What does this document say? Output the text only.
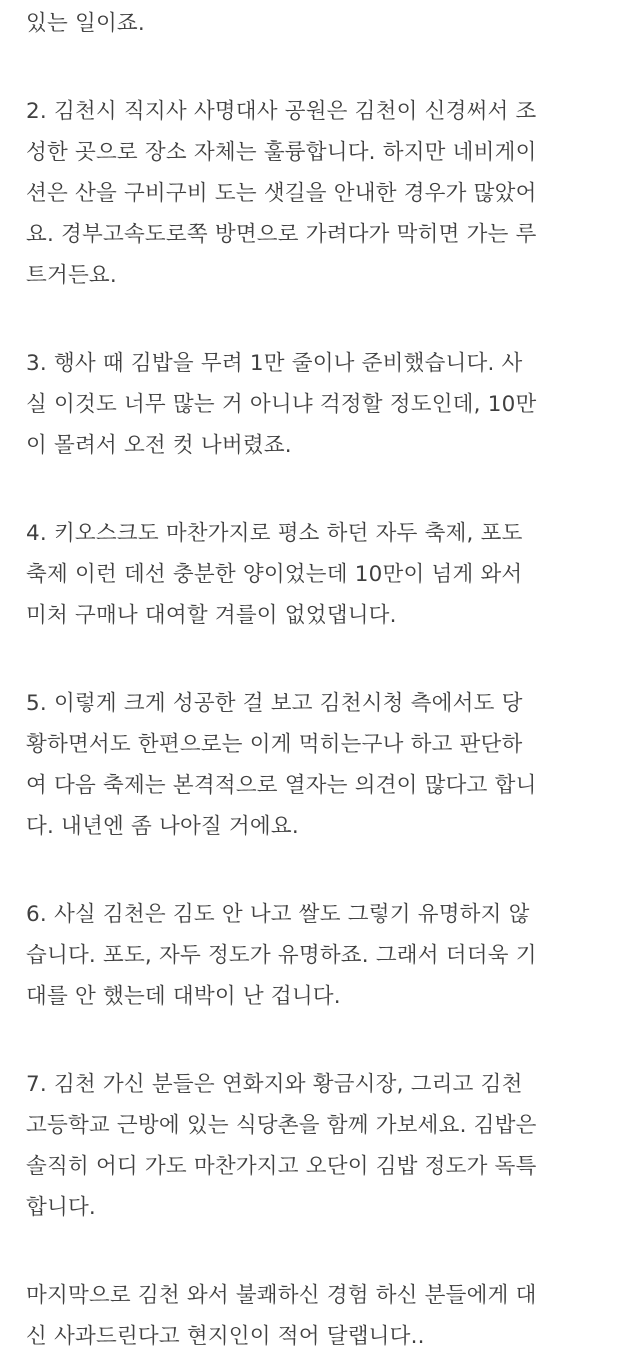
있는 일이죠.
2. 김천시 직지사 사명대사 공원은 김천이 신경써서 조
성한 곳으로 장소 자체는 훌륭합니다. 하지만 네비게이
션은 산을 구비구비 도는 샛길을 안내한 경우가 많았어
요. 경부고속도로쪽 방면으로 가려다가 막히면 가는 루
트거든요.
3. 행사 때 김밥을 무려 1만 줄이나 준비했습니다. 사
실 이것도 너무 많는 거 아니냐 걱정할 정도인데, 10만
이 몰려서 오전 컷 나버렸죠.
4. 키오스크도 마찬가지로 평소 하던 자두 축제, 포도
축제 이런 데선 충분한 양이었는데 10만이 넘게 와서
미처 구매나 대여할 겨를이 없었댑니다.
5. 이렇게 크게 성공한 걸 보고 김천시청 측에서도 당
황하면서도 한편으로는 이게 먹히는구나 하고 판단하
여 다음 축제는 본격적으로 열자는 의견이 많다고 합니
다. 내년엔 좀 나아질 거에요.
6. 사실 김천은 김도 안 나고 쌀도 그렇기 유명하지 않
습니다. 포도, 자두 정도가 유명하죠. 그래서 더더욱 기
대를 안 했는데 대박이 난 겁니다.
7. 김천 가신 분들은 연화지와 황금시장, 그리고 김천
고등학교 근방에 있는 식당촌을 함께 가보세요. 김밥은
솔직히 어디 가도 마찬가지고 오단이 김밥 정도가 독특
합니다.
마지막으로 김천 와서 불쾌하신 경험 하신 분들에게 대
신 사과드린다고 현지인이 적어 달랩니다..
